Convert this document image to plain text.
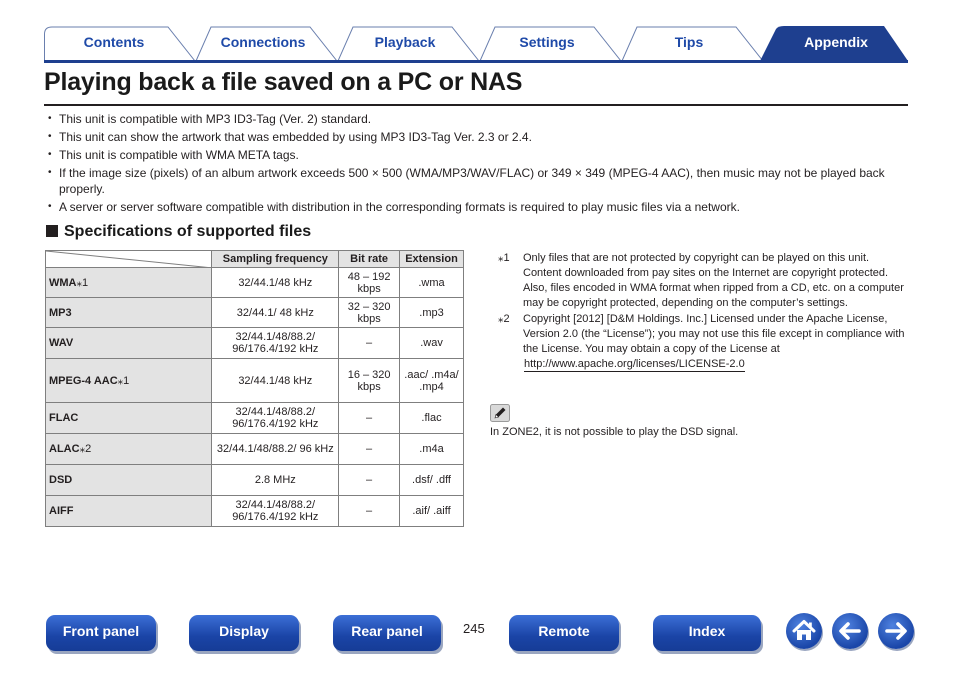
Contents	Connections	Playback	Settings	Tips	Appendix
Playing back a file saved on a PC or NAS
• This unit is compatible with MP3 ID3-Tag (Ver. 2) standard.
• This unit can show the artwork that was embedded by using MP3 ID3-Tag Ver. 2.3 or 2.4.
• This unit is compatible with WMA META tags.
• If the image size (pixels) of an album artwork exceeds 500 × 500 (WMA/MP3/WAV/FLAC) or 349 × 349 (MPEG-4 AAC), then music may not be played back properly.
• A server or server software compatible with distribution in the corresponding formats is required to play music files via a network.
Specifications of supported files
	Sampling frequency	Bit rate	Extension
WMA⁎1	32/44.1/48 kHz	48 – 192 kbps	.wma
MP3	32/44.1/ 48 kHz	32 – 320 kbps	.mp3
WAV	32/44.1/48/88.2/ 96/176.4/192 kHz	–	.wav
MPEG-4 AAC⁎1	32/44.1/48 kHz	16 – 320 kbps	.aac/ .m4a/ .mp4
FLAC	32/44.1/48/88.2/ 96/176.4/192 kHz	–	.flac
ALAC⁎2	32/44.1/48/88.2/ 96 kHz	–	.m4a
DSD	2.8 MHz	–	.dsf/ .dff
AIFF	32/44.1/48/88.2/ 96/176.4/192 kHz	–	.aif/ .aiff
⁎1 Only files that are not protected by copyright can be played on this unit. Content downloaded from pay sites on the Internet are copyright protected. Also, files encoded in WMA format when ripped from a CD, etc. on a computer may be copyright protected, depending on the computer’s settings.
⁎2 Copyright [2012] [D&M Holdings. Inc.] Licensed under the Apache License, Version 2.0 (the “License”); you may not use this file except in compliance with the License. You may obtain a copy of the License at
http://www.apache.org/licenses/LICENSE-2.0
In ZONE2, it is not possible to play the DSD signal.
Front panel	Display	Rear panel	245	Remote	Index
